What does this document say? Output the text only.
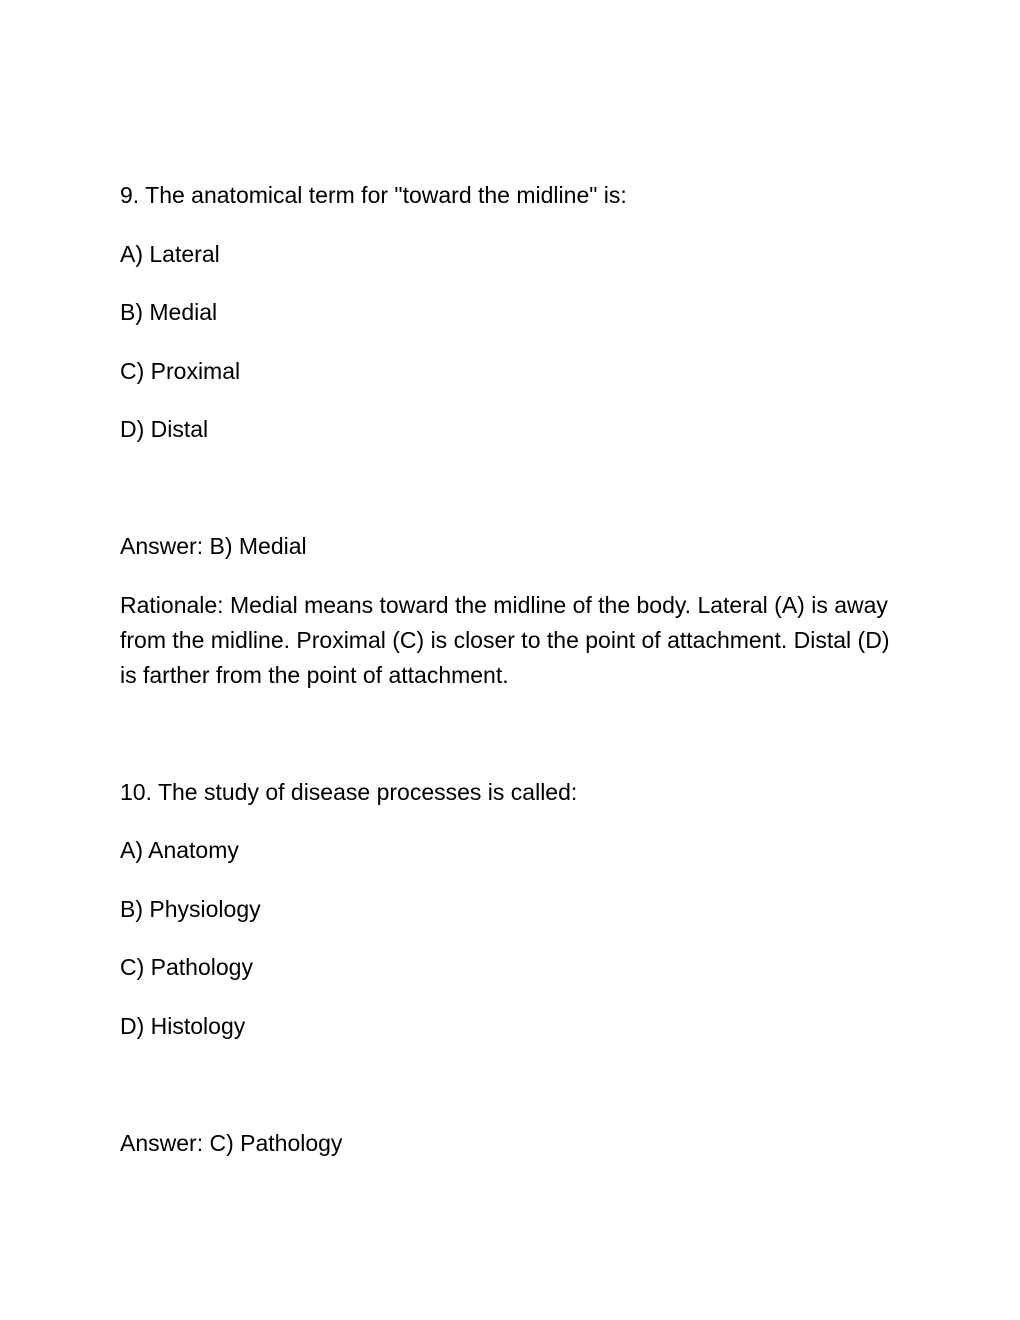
9. The anatomical term for "toward the midline" is:

A) Lateral

B) Medial

C) Proximal

D) Distal

Answer: B) Medial

Rationale: Medial means toward the midline of the body. Lateral (A) is away from the midline. Proximal (C) is closer to the point of attachment. Distal (D) is farther from the point of attachment.

10. The study of disease processes is called:

A) Anatomy

B) Physiology

C) Pathology

D) Histology

Answer: C) Pathology
